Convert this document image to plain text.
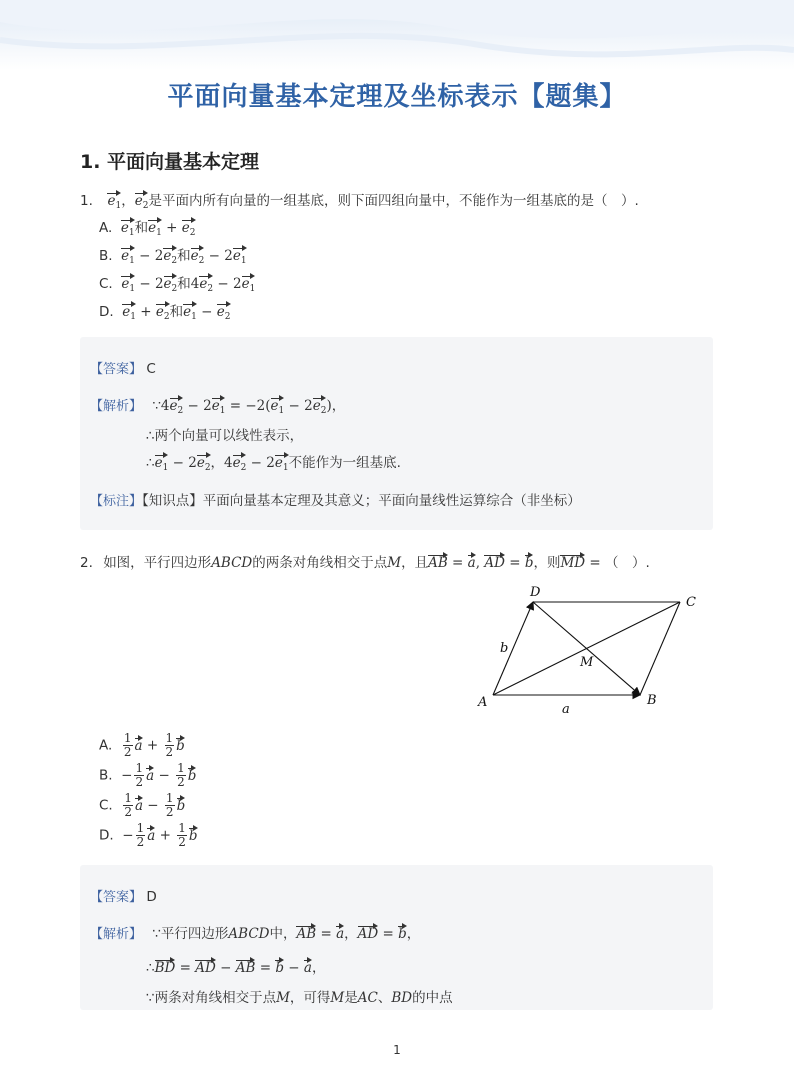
平面向量基本定理及坐标表示【题集】
1. 平面向量基本定理
1. $e_1$，$e_2$是平面内所有向量的一组基底，则下面四组向量中，不能作为一组基底的是（　）.
A. $e_1$和$e_1 + e_2$
B. $e_1 - 2e_2$和$e_2 - 2e_1$
C. $e_1 - 2e_2$和$4e_2 - 2e_1$
D. $e_1 + e_2$和$e_1 - e_2$
【答案】 C
【解析】 $\because 4e_2 - 2e_1 = -2(e_1 - 2e_2)$，
∴两个向量可以线性表示，
$\therefore e_1 - 2e_2$，$4e_2 - 2e_1$不能作为一组基底.
【标注】【知识点】平面向量基本定理及其意义；平面向量线性运算综合（非坐标）
2. 如图，平行四边形ABCD的两条对角线相交于点M，且AB = a, AD = b，则MD = （　）.
A	B
C
D
M
a
b
A. $\frac{1}{2}$ $a + \frac{1}{2}$ b
B. − $\frac{1}{2}$ $a - \frac{1}{2}$ b
C. $\frac{1}{2}$ $a - \frac{1}{2}$ b
D. − $\frac{1}{2}$ $a + \frac{1}{2}$ b
【答案】 D
【解析】 ∵平行四边形ABCD中，AB = a，AD = b，
∴BD = AD − AB = b − a，
∵两条对角线相交于点M，可得M是AC、BD的中点
1
